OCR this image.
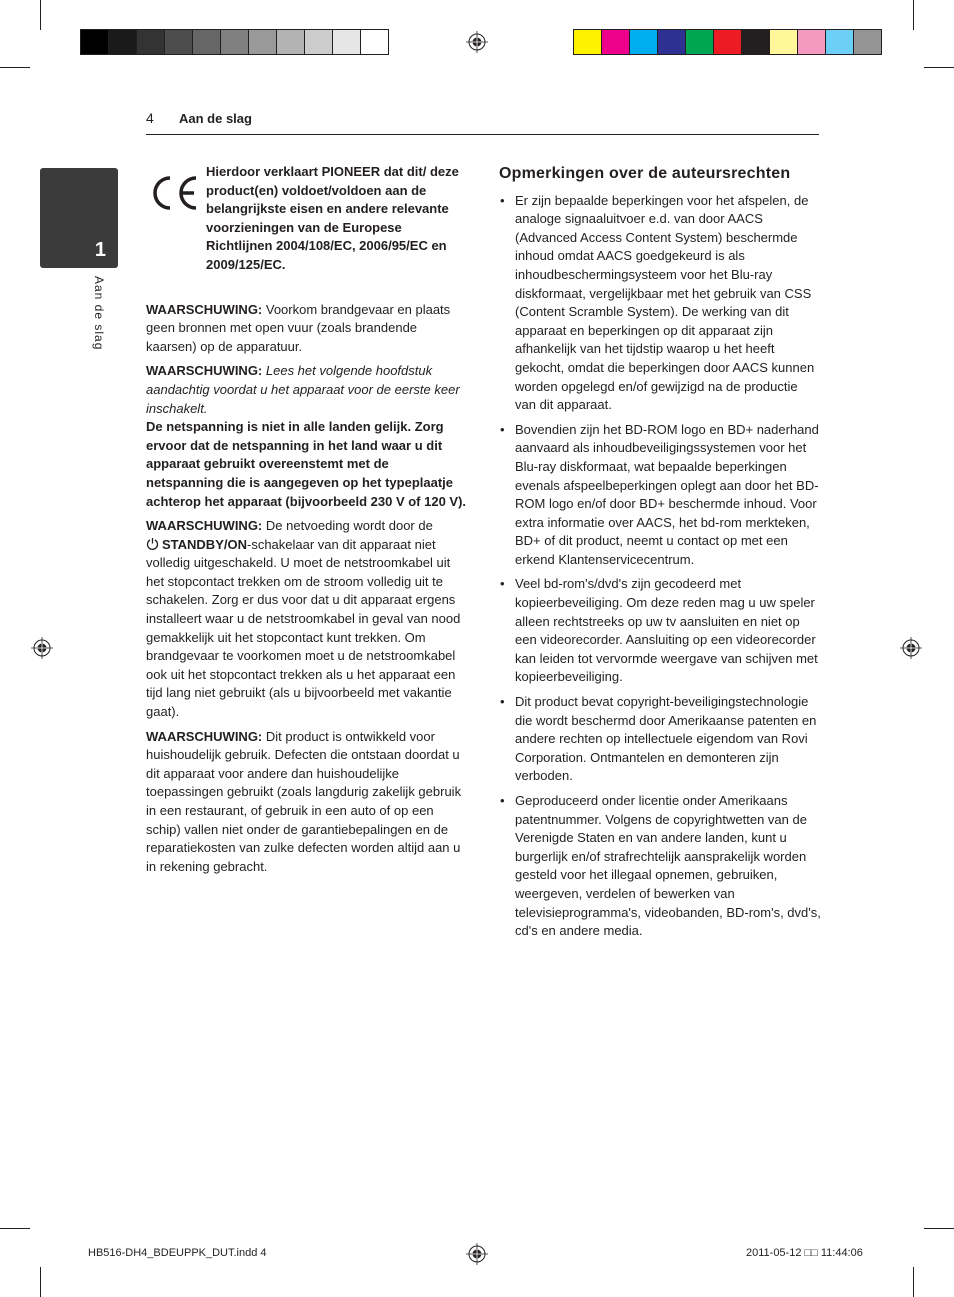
4 Aan de slag
1
Aan de slag
Hierdoor verklaart PIONEER dat dit/ deze product(en) voldoet/voldoen aan de belangrijkste eisen en andere relevante voorzieningen van de Europese Richtlijnen 2004/108/EC, 2006/95/EC en 2009/125/EC.

WAARSCHUWING: Voorkom brandgevaar en plaats geen bronnen met open vuur (zoals brandende kaarsen) op de apparatuur.

WAARSCHUWING: Lees het volgende hoofdstuk aandachtig voordat u het apparaat voor de eerste keer inschakelt.

De netspanning is niet in alle landen gelijk. Zorg ervoor dat de netspanning in het land waar u dit apparaat gebruikt overeenstemt met de netspanning die is aangegeven op het typeplaatje achterop het apparaat (bijvoorbeeld 230 V of 120 V).

WAARSCHUWING: De netvoeding wordt door de
STANDBY/ON-schakelaar van dit apparaat niet volledig uitgeschakeld. U moet de netstroomkabel uit het stopcontact trekken om de stroom volledig uit te schakelen. Zorg er dus voor dat u dit apparaat ergens installeert waar u de netstroomkabel in geval van nood gemakkelijk uit het stopcontact kunt trekken. Om brandgevaar te voorkomen moet u de netstroomkabel ook uit het stopcontact trekken als u het apparaat een tijd lang niet gebruikt (als u bijvoorbeeld met vakantie gaat).

WAARSCHUWING: Dit product is ontwikkeld voor huishoudelijk gebruik. Defecten die ontstaan doordat u dit apparaat voor andere dan huishoudelijke toepassingen gebruikt (zoals langdurig zakelijk gebruik in een restaurant, of gebruik in een auto of op een schip) vallen niet onder de garantiebepalingen en de reparatiekosten van zulke defecten worden altijd aan u in rekening gebracht.

Opmerkingen over de auteursrechten
• Er zijn bepaalde beperkingen voor het afspelen, de analoge signaaluitvoer e.d. van door AACS (Advanced Access Content System) beschermde inhoud omdat AACS goedgekeurd is als inhoudbeschermingsysteem voor het Blu-ray diskformaat, vergelijkbaar met het gebruik van CSS (Content Scramble System). De werking van dit apparaat en beperkingen op dit apparaat zijn afhankelijk van het tijdstip waarop u het heeft gekocht, omdat die beperkingen door AACS kunnen worden opgelegd en/of gewijzigd na de productie van dit apparaat.
• Bovendien zijn het BD-ROM logo en BD+ naderhand aanvaard als inhoudbeveiligingssystemen voor het Blu-ray diskformaat, wat bepaalde beperkingen evenals afspeelbeperkingen oplegt aan door het BD-ROM logo en/of door BD+ beschermde inhoud. Voor extra informatie over AACS, het bd-rom merkteken, BD+ of dit product, neemt u contact op met een erkend Klantenservicecentrum.
• Veel bd-rom's/dvd's zijn gecodeerd met kopieerbeveiliging. Om deze reden mag u uw speler alleen rechtstreeks op uw tv aansluiten en niet op een videorecorder. Aansluiting op een videorecorder kan leiden tot vervormde weergave van schijven met kopieerbeveiliging.
• Dit product bevat copyright-beveiligingstechnologie die wordt beschermd door Amerikaanse patenten en andere rechten op intellectuele eigendom van Rovi Corporation. Ontmantelen en demonteren zijn verboden.
• Geproduceerd onder licentie onder Amerikaans patentnummer. Volgens de copyrightwetten van de Verenigde Staten en van andere landen, kunt u burgerlijk en/of strafrechtelijk aansprakelijk worden gesteld voor het illegaal opnemen, gebruiken, weergeven, verdelen of bewerken van televisieprogramma's, videobanden, BD-rom's, dvd's, cd's en andere media.
HB516-DH4_BDEUPPK_DUT.indd 4	2011-05-12 □□ 11:44:06
